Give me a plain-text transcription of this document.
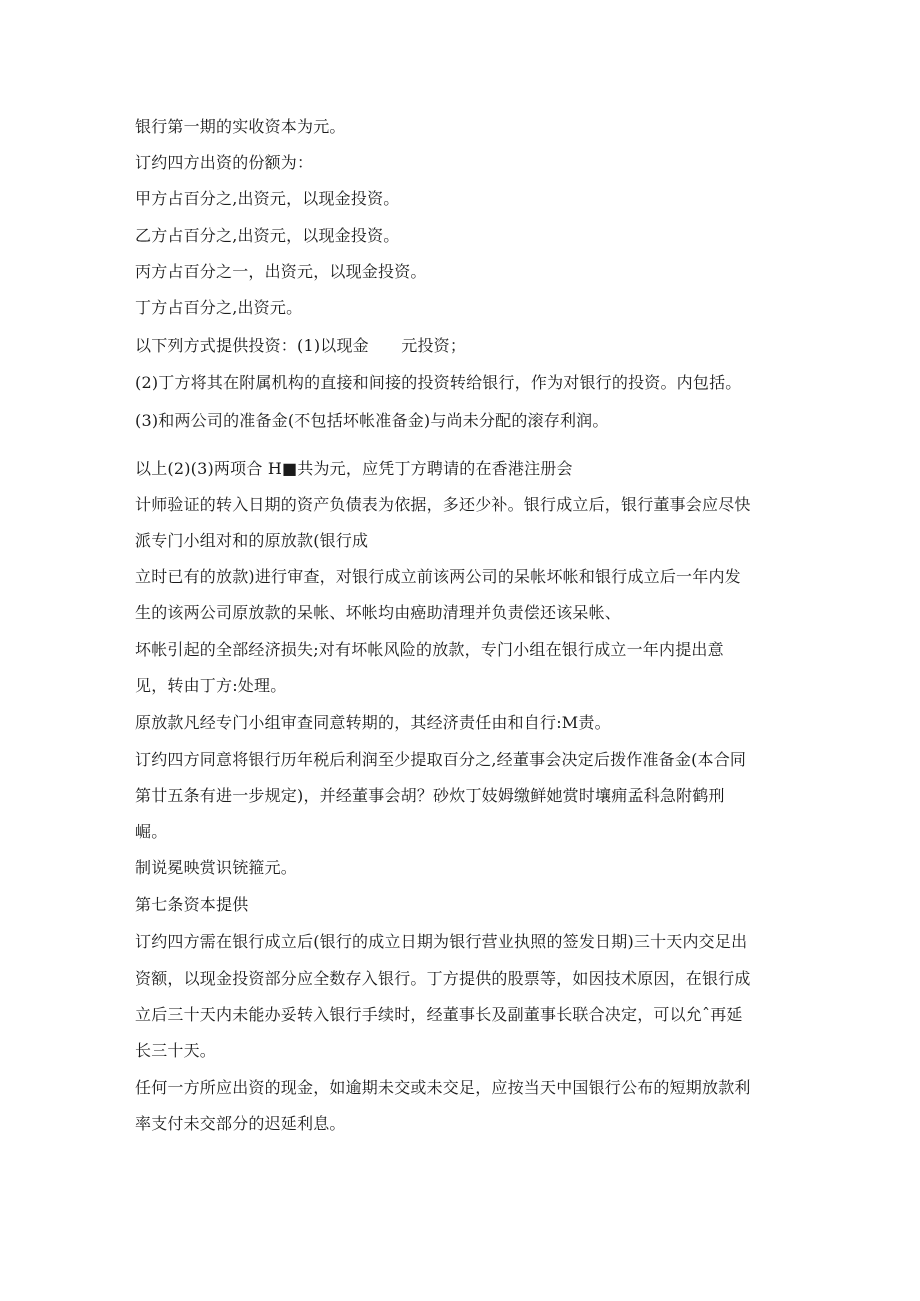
银行第一期的实收资本为元。
订约四方出资的份额为：
甲方占百分之,出资元，以现金投资。
乙方占百分之,出资元，以现金投资。
丙方占百分之一，出资元，以现金投资。
丁方占百分之,出资元。
以下列方式提供投资：(1)以现金　　元投资；
(2)丁方将其在附属机构的直接和间接的投资转给银行，作为对银行的投资。内包括。
(3)和两公司的准备金(不包括坏帐准备金)与尚未分配的滚存利润。
以上(2)(3)两项合 H■共为元，应凭丁方聘请的在香港注册会
计师验证的转入日期的资产负债表为依据，多还少补。银行成立后，银行董事会应尽快
派专门小组对和的原放款(银行成
立时已有的放款)进行审查，对银行成立前该两公司的呆帐坏帐和银行成立后一年内发
生的该两公司原放款的呆帐、坏帐均由癌助清理并负责偿还该呆帐、
坏帐引起的全部经济损失;对有坏帐风险的放款，专门小组在银行成立一年内提出意
见，转由丁方:处理。
原放款凡经专门小组审查同意转期的，其经济责任由和自行:M责。
订约四方同意将银行历年税后利润至少提取百分之,经董事会决定后拨作准备金(本合同
第廿五条有进一步规定)，并经董事会胡？砂炊丁妓姆缴鲜她赏时壤痈孟科急附鹤刑
崛。
制说冕映赏识铳箍元。
第七条资本提供
订约四方需在银行成立后(银行的成立日期为银行营业执照的签发日期)三十天内交足出
资额，以现金投资部分应全数存入银行。丁方提供的股票等，如因技术原因，在银行成
立后三十天内未能办妥转入银行手续时，经董事长及副董事长联合决定，可以允ˆ再延
长三十天。
任何一方所应出资的现金，如逾期未交或未交足，应按当天中国银行公布的短期放款利
率支付未交部分的迟延利息。
